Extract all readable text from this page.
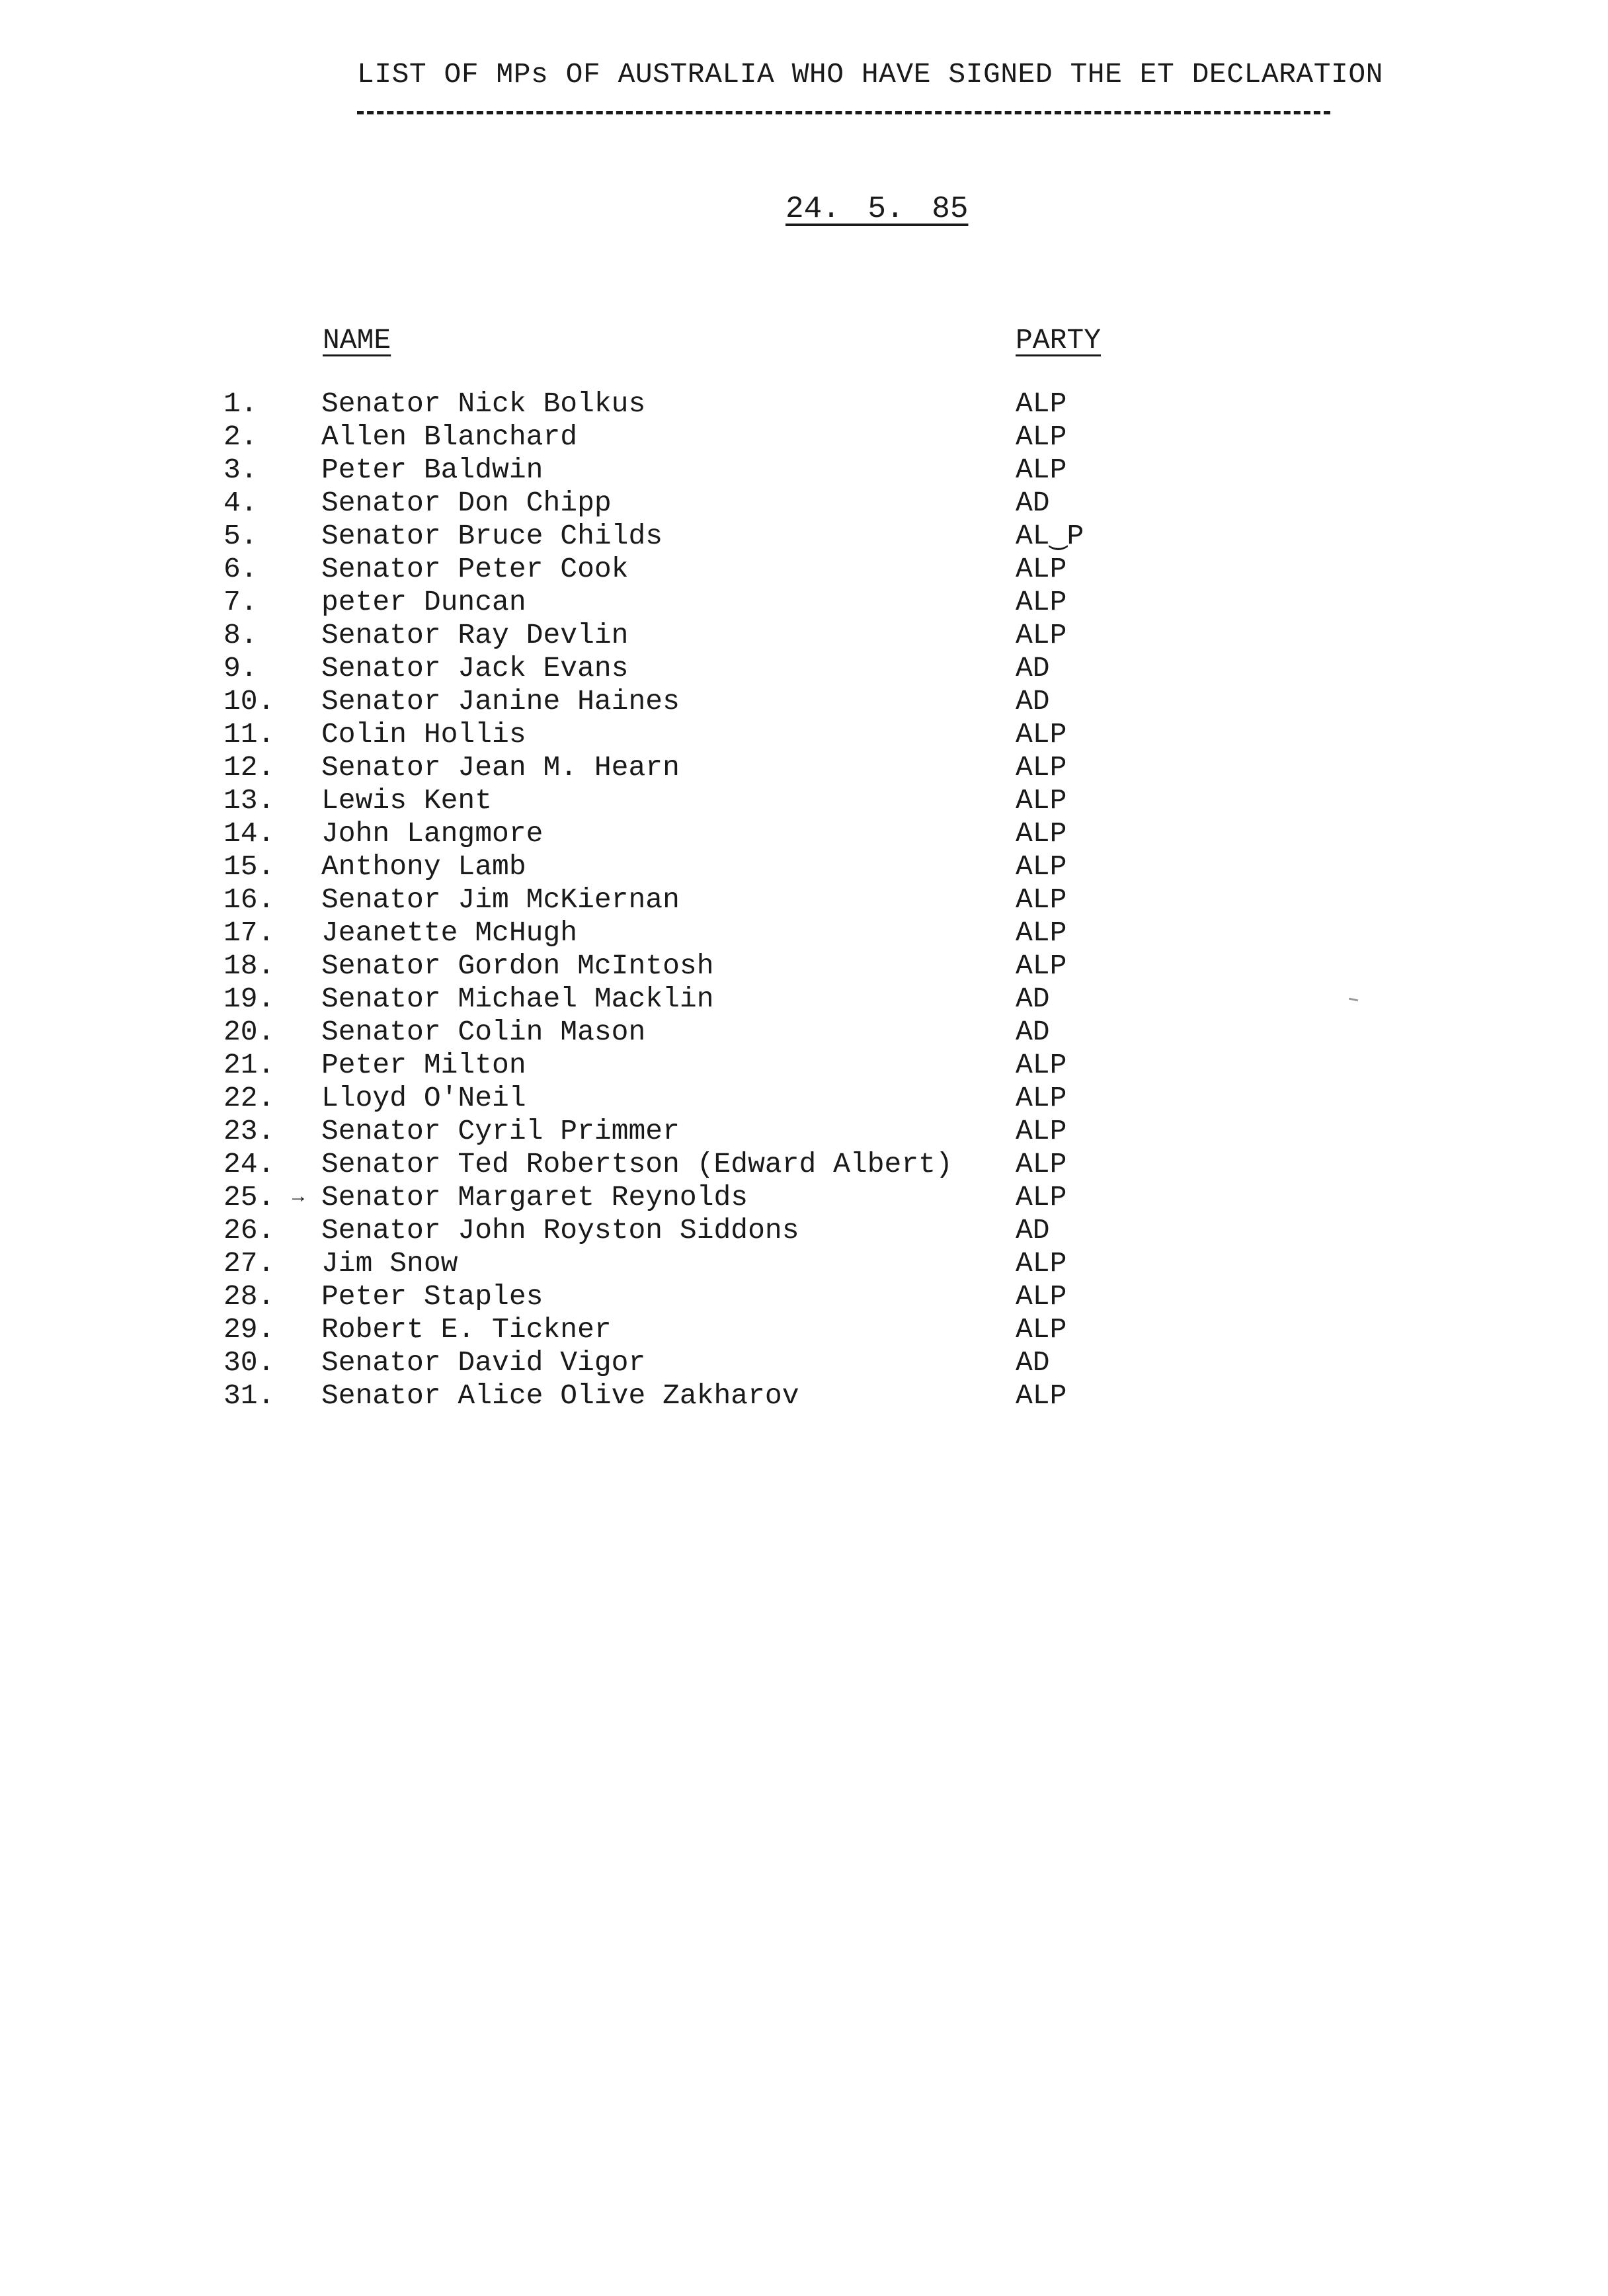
LIST OF MPs OF AUSTRALIA WHO HAVE SIGNED THE ET DECLARATION
24. 5. 85
NAME	PARTY
1.	Senator Nick Bolkus	ALP
2.	Allen Blanchard	ALP
3.	Peter Baldwin	ALP
4.	Senator Don Chipp	AD
5.	Senator Bruce Childs	AL‿P
6.	Senator Peter Cook	ALP
7.	peter Duncan	ALP
8.	Senator Ray Devlin	ALP
9.	Senator Jack Evans	AD
10.	Senator Janine Haines	AD
11.	Colin Hollis	ALP
12.	Senator Jean M. Hearn	ALP
13.	Lewis Kent	ALP
14.	John Langmore	ALP
15.	Anthony Lamb	ALP
16.	Senator Jim McKiernan	ALP
17.	Jeanette McHugh	ALP
18.	Senator Gordon McIntosh	ALP
19.	Senator Michael Macklin	AD
20.	Senator Colin Mason	AD
21.	Peter Milton	ALP
22.	Lloyd O'Neil	ALP
23.	Senator Cyril Primmer	ALP
24.	Senator Ted Robertson (Edward Albert) ALP
25. → Senator Margaret Reynolds	ALP
26.	Senator John Royston Siddons	AD
27.	Jim Snow	ALP
28.	Peter Staples	ALP
29.	Robert E. Tickner	ALP
30.	Senator David Vigor	AD
31.	Senator Alice Olive Zakharov	ALP
